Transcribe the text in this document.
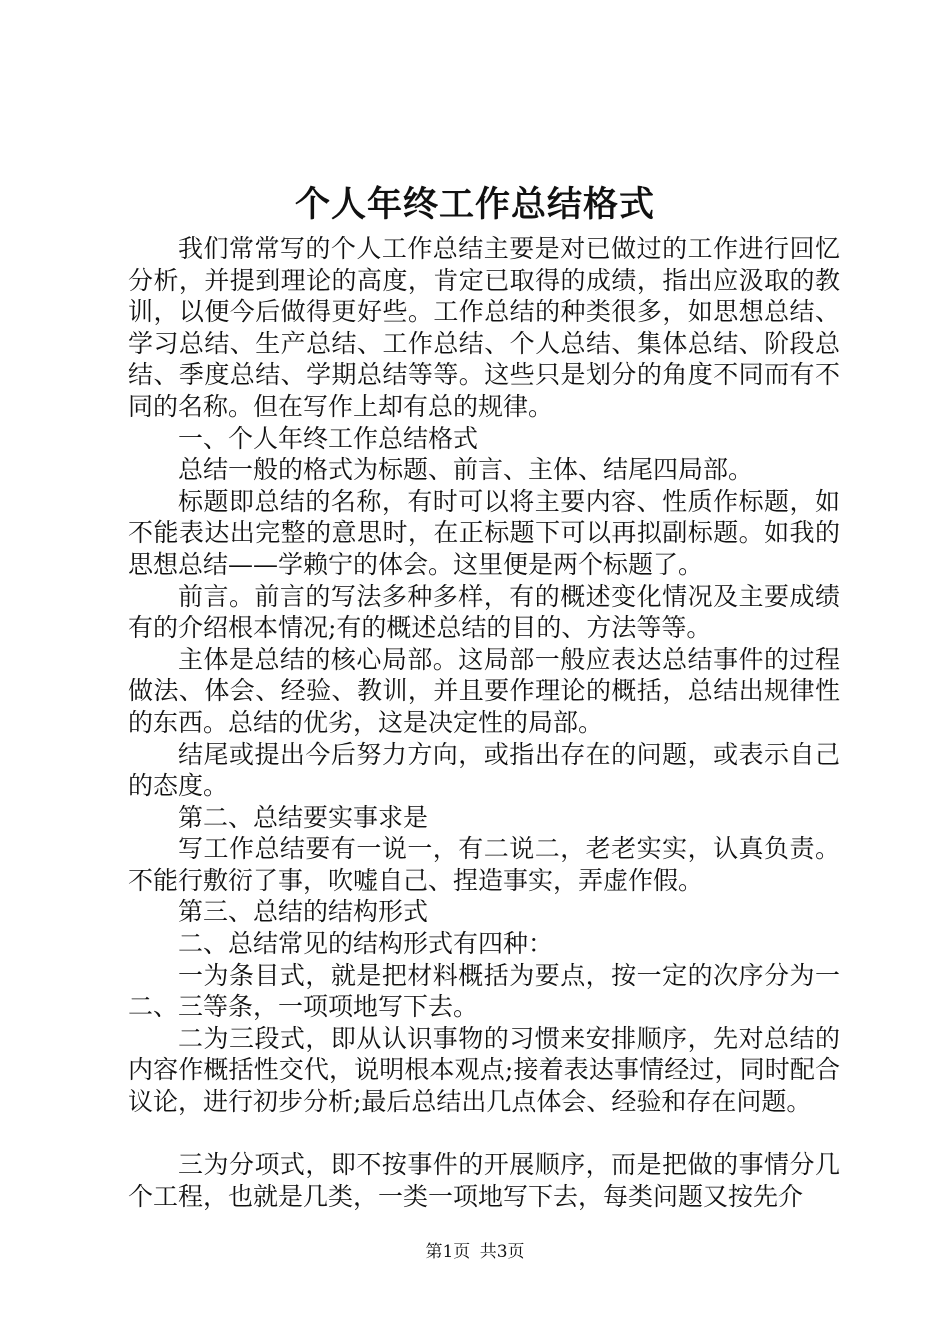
个人年终工作总结格式

我们常常写的个人工作总结主要是对已做过的工作进行回忆分析，并提到理论的高度，肯定已取得的成绩，指出应汲取的教训，以便今后做得更好些。工作总结的种类很多，如思想总结、学习总结、生产总结、工作总结、个人总结、集体总结、阶段总结、季度总结、学期总结等等。这些只是划分的角度不同而有不同的名称。但在写作上却有总的规律。

一、个人年终工作总结格式

总结一般的格式为标题、前言、主体、结尾四局部。

标题即总结的名称，有时可以将主要内容、性质作标题，如不能表达出完整的意思时，在正标题下可以再拟副标题。如我的思想总结——学赖宁的体会。这里便是两个标题了。

前言。前言的写法多种多样，有的概述变化情况及主要成绩有的介绍根本情况;有的概述总结的目的、方法等等。

主体是总结的核心局部。这局部一般应表达总结事件的过程做法、体会、经验、教训，并且要作理论的概括，总结出规律性的东西。总结的优劣，这是决定性的局部。

结尾或提出今后努力方向，或指出存在的问题，或表示自己的态度。

第二、总结要实事求是

写工作总结要有一说一，有二说二，老老实实，认真负责。不能行敷衍了事，吹嘘自己、捏造事实，弄虚作假。

第三、总结的结构形式

二、总结常见的结构形式有四种：

一为条目式，就是把材料概括为要点，按一定的次序分为一二、三等条，一项项地写下去。

二为三段式，即从认识事物的习惯来安排顺序，先对总结的内容作概括性交代，说明根本观点;接着表达事情经过，同时配合议论，进行初步分析;最后总结出几点体会、经验和存在问题。

三为分项式，即不按事件的开展顺序，而是把做的事情分几个工程，也就是几类，一类一项地写下去，每类问题又按先介

第1页 共3页
